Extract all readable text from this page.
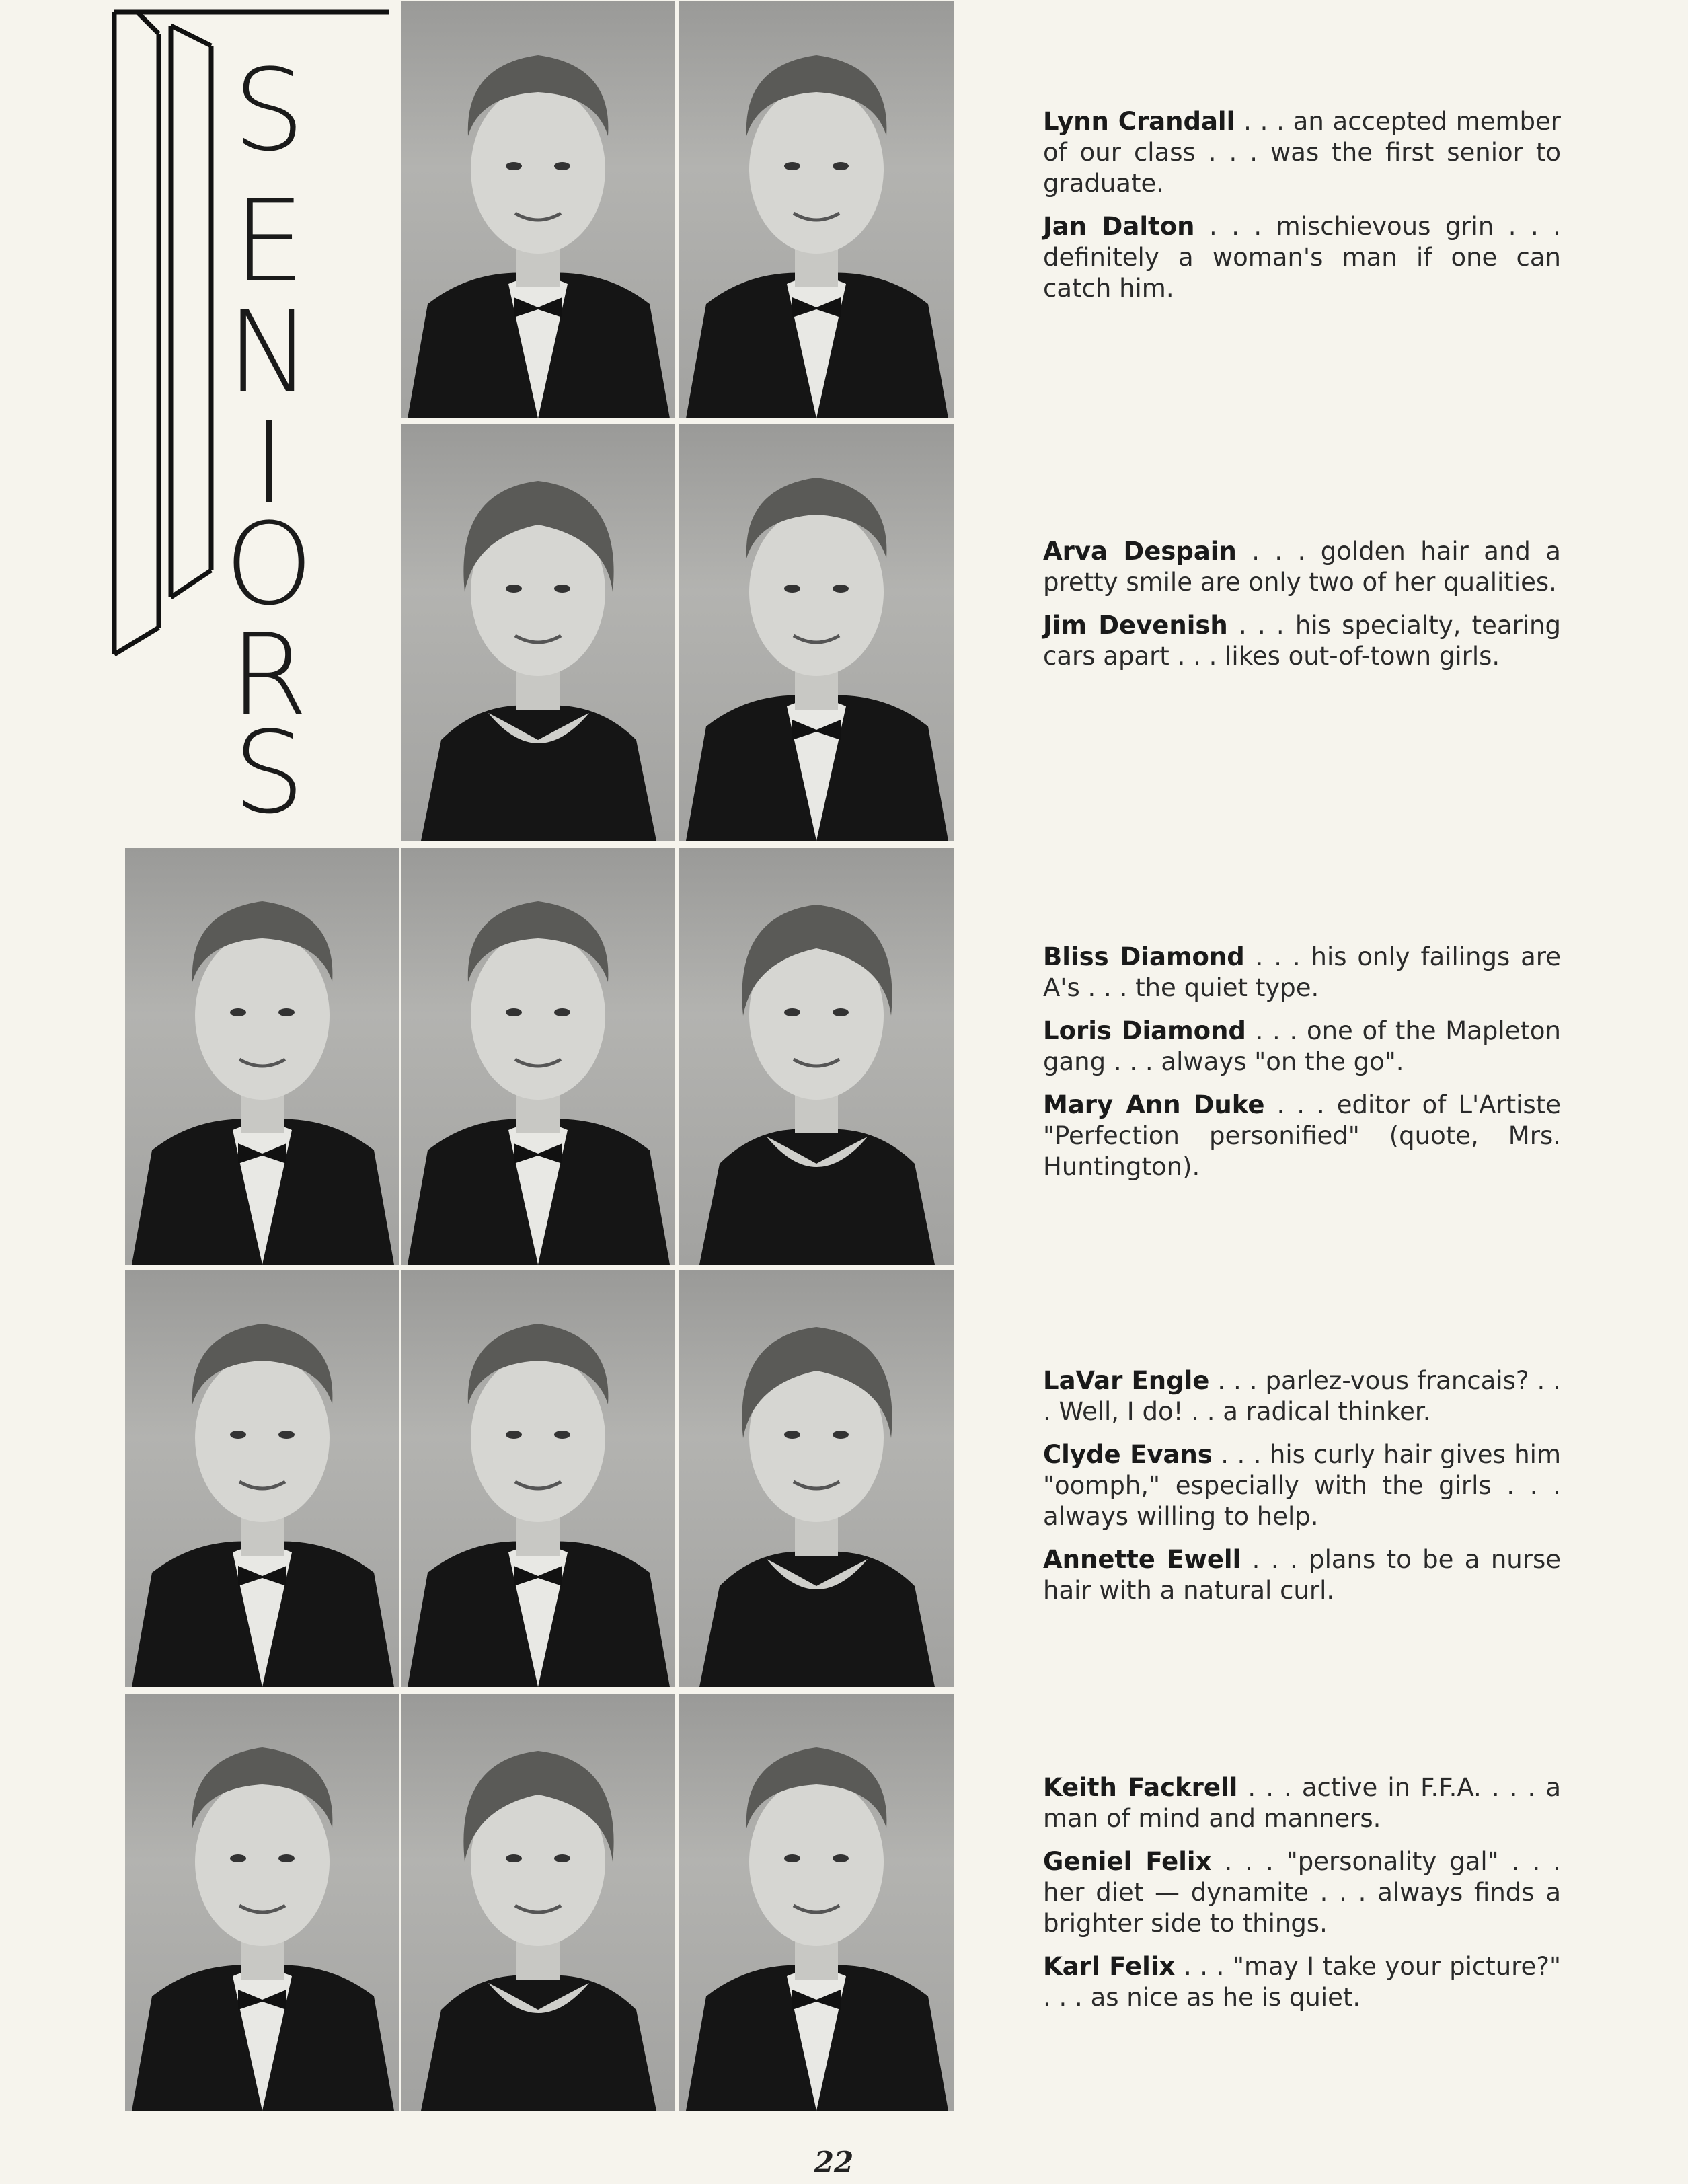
S
E
N
I
O
R
S
Lynn Crandall . . . an accepted member of our class . . . was the first senior to graduate.
Jan Dalton . . . mischievous grin . . . definitely a woman's man if one can catch him.
Arva Despain . . . golden hair and a pretty smile are only two of her qualities.
Jim Devenish . . . his specialty, tearing cars apart . . . likes out-of-town girls.
Bliss Diamond . . . his only failings are A's . . . the quiet type.
Loris Diamond . . . one of the Mapleton gang . . . always "on the go".
Mary Ann Duke . . . editor of L'Artiste "Perfection personified" (quote, Mrs. Huntington).
LaVar Engle . . . parlez-vous francais? . . . Well, I do! . . a radical thinker.
Clyde Evans . . . his curly hair gives him "oomph," especially with the girls . . . always willing to help.
Annette Ewell . . . plans to be a nurse hair with a natural curl.
Keith Fackrell . . . active in F.F.A. . . . a man of mind and manners.
Geniel Felix . . . "personality gal" . . . her diet — dynamite . . . always finds a brighter side to things.
Karl Felix . . . "may I take your picture?" . . . as nice as he is quiet.
22
